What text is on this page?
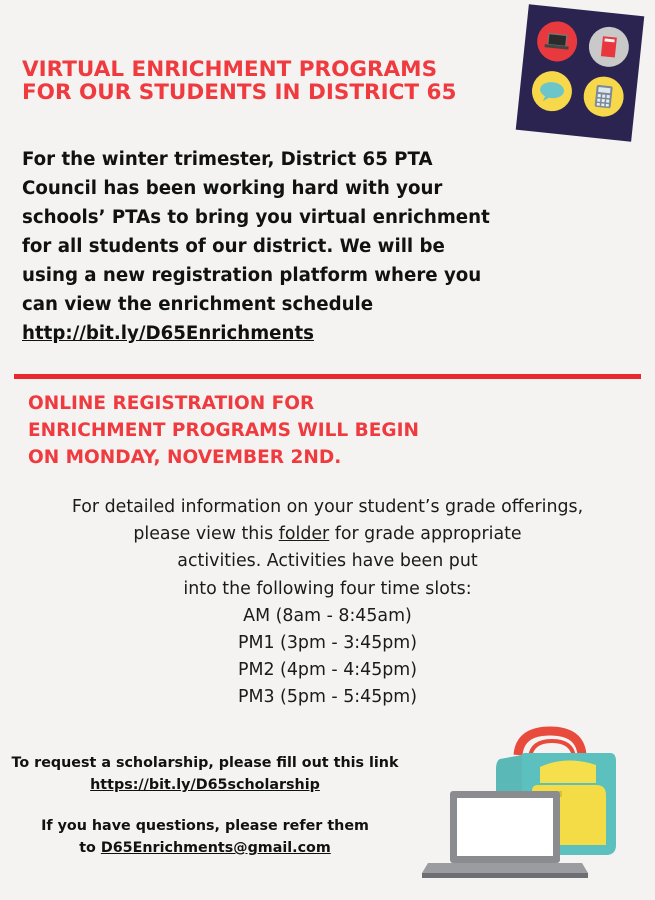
VIRTUAL ENRICHMENT PROGRAMS
FOR OUR STUDENTS IN DISTRICT 65
For the winter trimester, District 65 PTA
Council has been working hard with your
schools’ PTAs to bring you virtual enrichment
for all students of our district. We will be
using a new registration platform where you
can view the enrichment schedule
http://bit.ly/D65Enrichments
ONLINE REGISTRATION FOR
ENRICHMENT PROGRAMS WILL BEGIN
ON MONDAY, NOVEMBER 2ND.
For detailed information on your student’s grade offerings,
please view this folder for grade appropriate
activities. Activities have been put
into the following four time slots:
AM (8am - 8:45am)
PM1 (3pm - 3:45pm)
PM2 (4pm - 4:45pm)
PM3 (5pm - 5:45pm)
To request a scholarship, please fill out this link
https://bit.ly/D65scholarship
If you have questions, please refer them
to D65Enrichments@gmail.com
